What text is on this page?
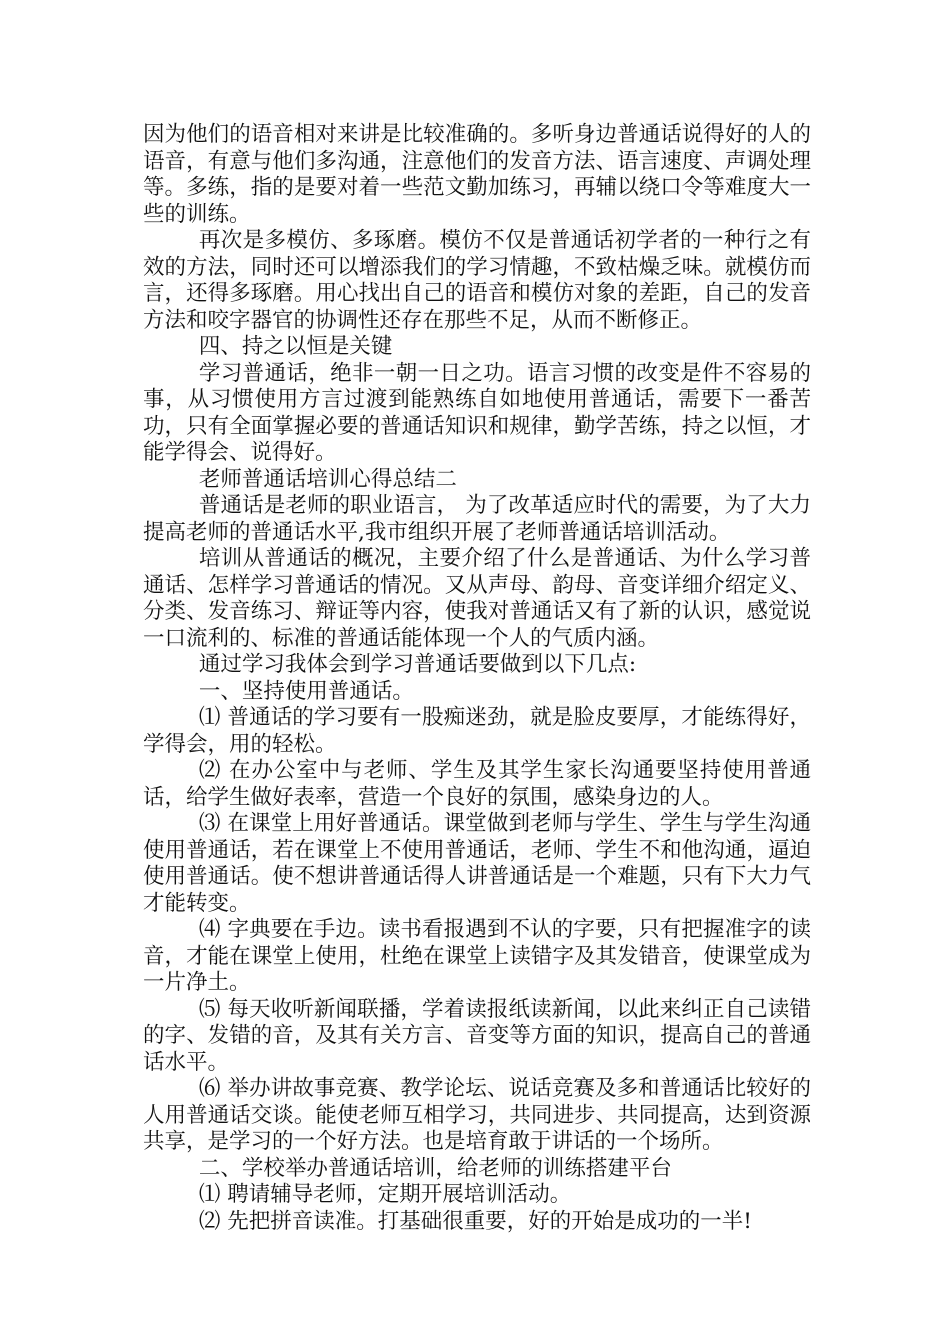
因为他们的语音相对来讲是比较准确的。多听身边普通话说得好的人的语音，有意与他们多沟通，注意他们的发音方法、语言速度、声调处理等。多练，指的是要对着一些范文勤加练习，再辅以绕口令等难度大一些的训练。

再次是多模仿、多琢磨。模仿不仅是普通话初学者的一种行之有效的方法，同时还可以增添我们的学习情趣，不致枯燥乏味。就模仿而言，还得多琢磨。用心找出自己的语音和模仿对象的差距，自己的发音方法和咬字器官的协调性还存在那些不足，从而不断修正。

四、持之以恒是关键

学习普通话，绝非一朝一日之功。语言习惯的改变是件不容易的事，从习惯使用方言过渡到能熟练自如地使用普通话，需要下一番苦功，只有全面掌握必要的普通话知识和规律，勤学苦练，持之以恒，才能学得会、说得好。

老师普通话培训心得总结二

普通话是老师的职业语言， 为了改革适应时代的需要，为了大力提高老师的普通话水平,我市组织开展了老师普通话培训活动。

培训从普通话的概况，主要介绍了什么是普通话、为什么学习普通话、怎样学习普通话的情况。又从声母、韵母、音变详细介绍定义、分类、发音练习、辩证等内容，使我对普通话又有了新的认识，感觉说一口流利的、标准的普通话能体现一个人的气质内涵。

通过学习我体会到学习普通话要做到以下几点:

一、坚持使用普通话。

⑴ 普通话的学习要有一股痴迷劲，就是脸皮要厚，才能练得好，学得会，用的轻松。

⑵ 在办公室中与老师、学生及其学生家长沟通要坚持使用普通话，给学生做好表率，营造一个良好的氛围，感染身边的人。

⑶ 在课堂上用好普通话。课堂做到老师与学生、学生与学生沟通使用普通话，若在课堂上不使用普通话，老师、学生不和他沟通，逼迫使用普通话。使不想讲普通话得人讲普通话是一个难题，只有下大力气才能转变。

⑷ 字典要在手边。读书看报遇到不认的字要，只有把握准字的读音，才能在课堂上使用，杜绝在课堂上读错字及其发错音，使课堂成为一片净土。

⑸ 每天收听新闻联播，学着读报纸读新闻，以此来纠正自己读错的字、发错的音，及其有关方言、音变等方面的知识，提高自己的普通话水平。

⑹ 举办讲故事竞赛、教学论坛、说话竞赛及多和普通话比较好的人用普通话交谈。能使老师互相学习，共同进步、共同提高，达到资源共享，是学习的一个好方法。也是培育敢于讲话的一个场所。

二、学校举办普通话培训，给老师的训练搭建平台

⑴ 聘请辅导老师，定期开展培训活动。

⑵ 先把拼音读准。打基础很重要，好的开始是成功的一半!
